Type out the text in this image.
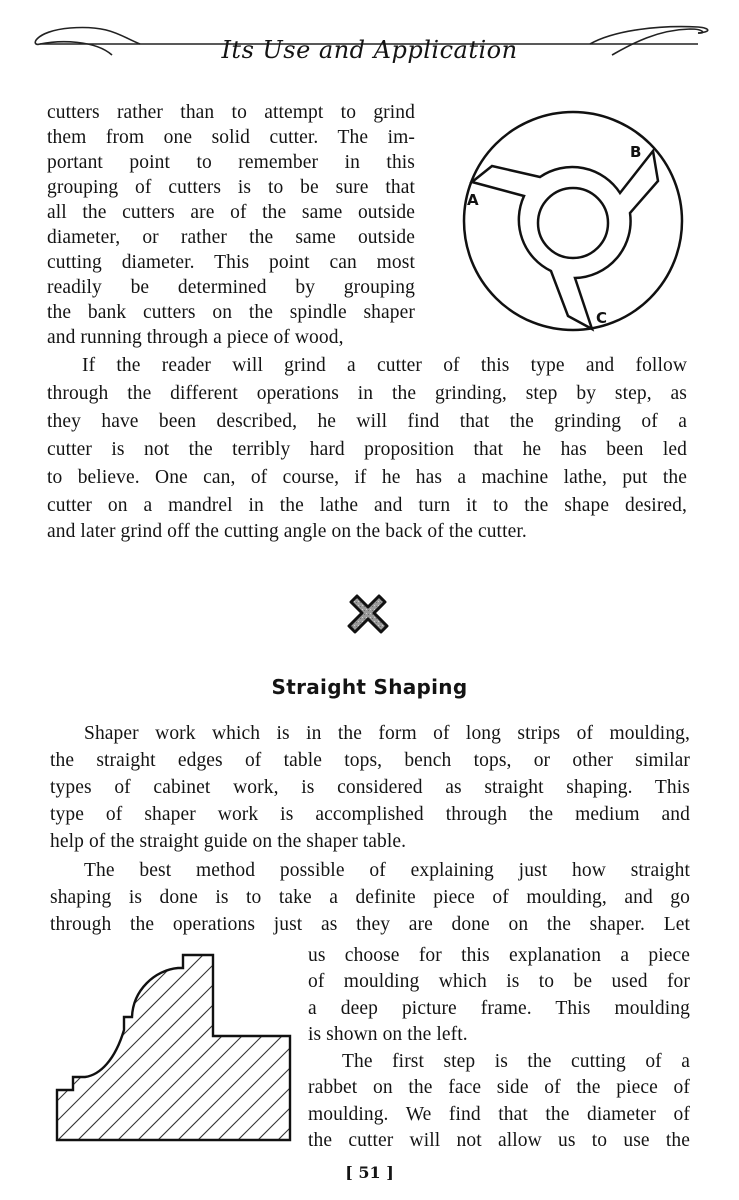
Its Use and Application
cutters rather than to attempt to grind
them from one solid cutter. The im-
portant point to remember in this
grouping of cutters is to be sure that
all the cutters are of the same outside
diameter, or rather the same outside
cutting diameter. This point can most
readily be determined by grouping
the bank cutters on the spindle shaper
and running through a piece of wood,
A
B
C
If the reader will grind a cutter of this type and follow
through the different operations in the grinding, step by step, as
they have been described, he will find that the grinding of a
cutter is not the terribly hard proposition that he has been led
to believe. One can, of course, if he has a machine lathe, put the
cutter on a mandrel in the lathe and turn it to the shape desired,
and later grind off the cutting angle on the back of the cutter.
Straight Shaping
Shaper work which is in the form of long strips of moulding,
the straight edges of table tops, bench tops, or other similar
types of cabinet work, is considered as straight shaping. This
type of shaper work is accomplished through the medium and
help of the straight guide on the shaper table.
The best method possible of explaining just how straight
shaping is done is to take a definite piece of moulding, and go
through the operations just as they are done on the shaper. Let
us choose for this explanation a piece
of moulding which is to be used for
a deep picture frame. This moulding
is shown on the left.
The first step is the cutting of a
rabbet on the face side of the piece of
moulding. We find that the diameter of
the cutter will not allow us to use the
[ 51 ]
